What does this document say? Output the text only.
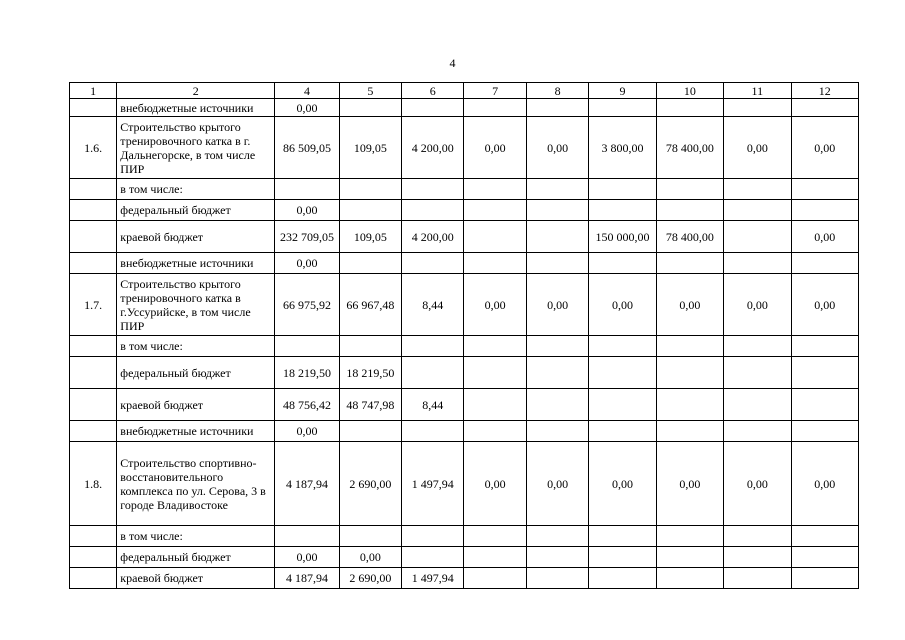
4
1	2	4	5	6	7	8	9	10	11	12
	внебюджетные источники	0,00								
1.6.	Строительство крытого тренировочного катка в г. Дальнегорске, в том числе ПИР	86 509,05	109,05	4 200,00	0,00	0,00	3 800,00	78 400,00	0,00	0,00
	в том числе:									
	федеральный бюджет	0,00								
	краевой бюджет	232 709,05	109,05	4 200,00			150 000,00	78 400,00		0,00
	внебюджетные источники	0,00								
1.7.	Строительство крытого тренировочного катка в г.Уссурийске, в том числе ПИР	66 975,92	66 967,48	8,44	0,00	0,00	0,00	0,00	0,00	0,00
	в том числе:									
	федеральный бюджет	18 219,50	18 219,50							
	краевой бюджет	48 756,42	48 747,98	8,44						
	внебюджетные источники	0,00								
1.8.	Строительство спортивно-восстановительного комплекса по ул. Серова, 3 в городе Владивостоке	4 187,94	2 690,00	1 497,94	0,00	0,00	0,00	0,00	0,00	0,00
	в том числе:									
	федеральный бюджет	0,00	0,00							
	краевой бюджет	4 187,94	2 690,00	1 497,94						
